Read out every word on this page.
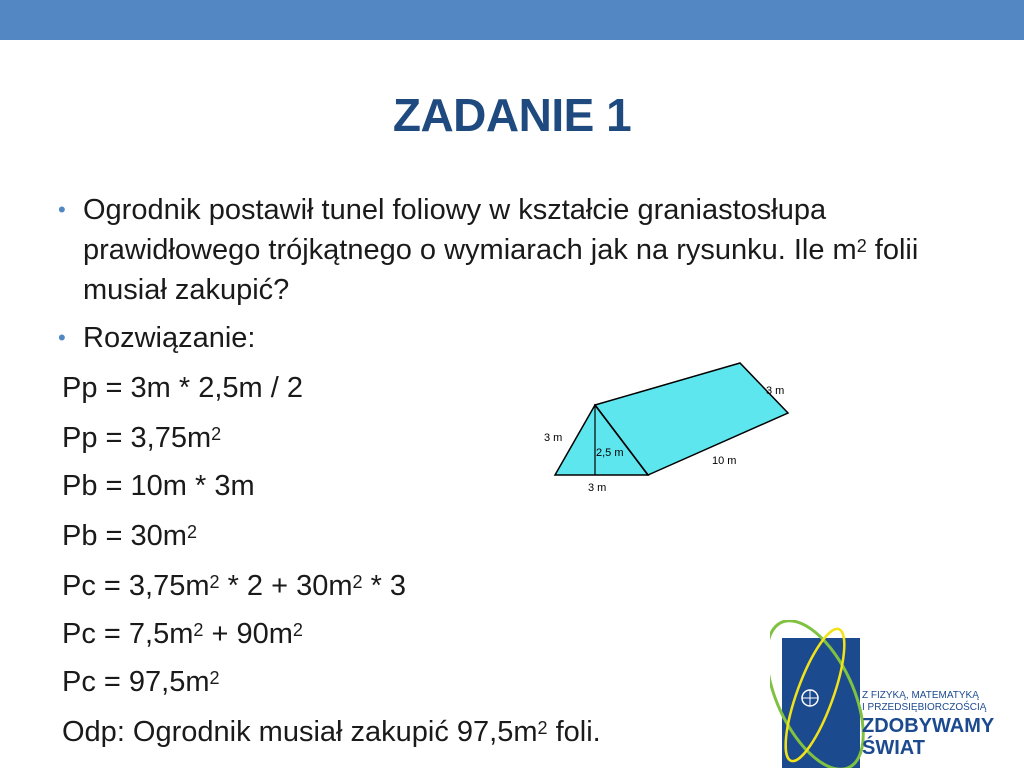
ZADANIE 1
• Ogrodnik postawił tunel foliowy w kształcie graniastosłupa prawidłowego trójkątnego o wymiarach jak na rysunku. Ile $m^2$ folii musiał zakupić?
• Rozwiązanie:
Pp = 3m * 2,5m / 2
$Pp = 3,75m^2$
Pb = 10m * 3m
$Pb = 30m^2$
$Pc = 3,75m^2 * 2 + 30m^2 * 3$
$Pc = 7,5m^2 + 90m^2$
$Pc = 97,5m^2$
Odp: Ogrodnik musiał zakupić $97,5m^2$ foli.
3 m
2,5 m
3 m
10 m
3 m
Z FIZYKĄ, MATEMATYKĄ
I PRZEDSIĘBIORCZOŚCIĄ
ZDOBYWAMY
ŚWIAT
